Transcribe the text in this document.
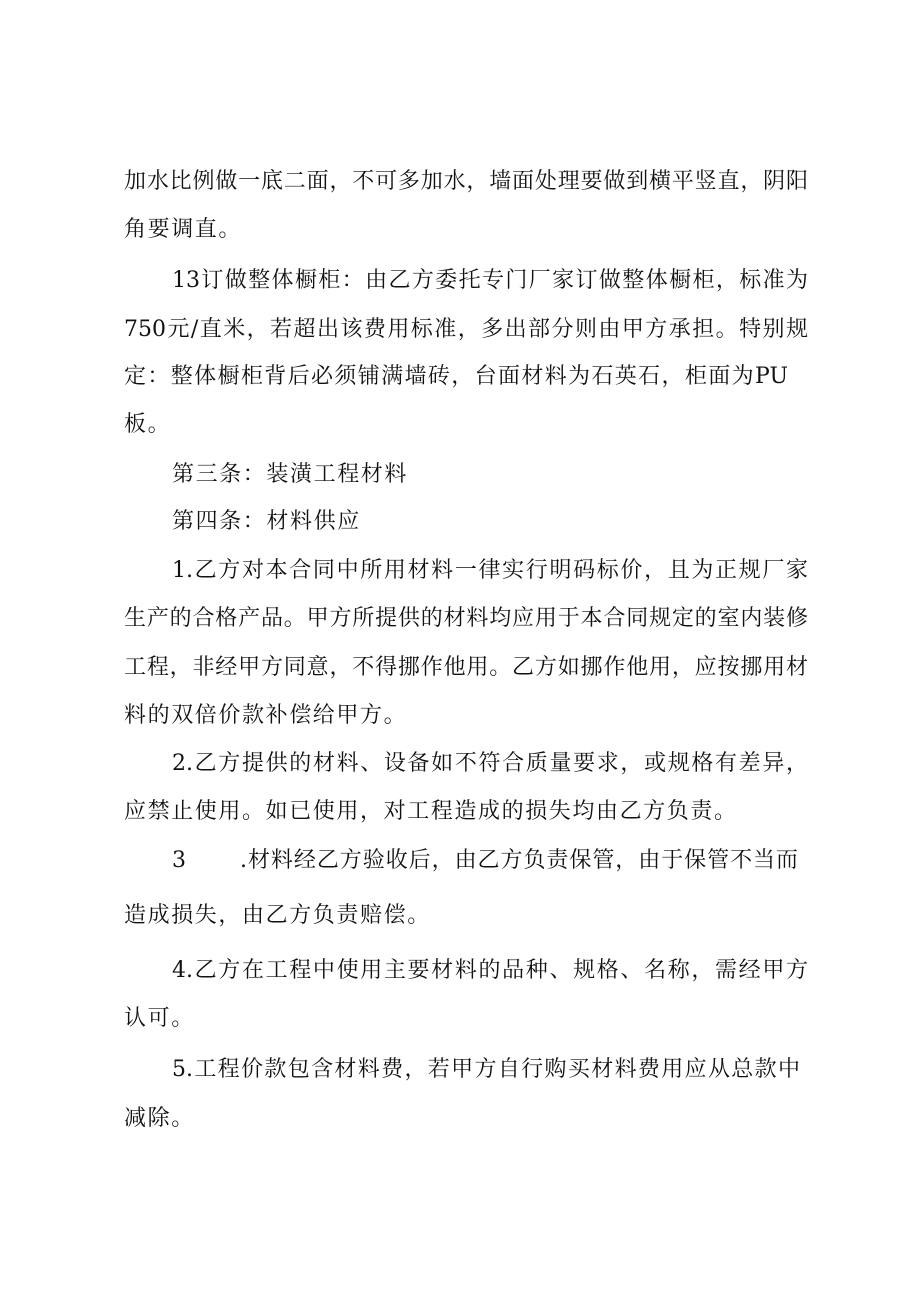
加水比例做一底二面，不可多加水，墙面处理要做到横平竖直，阴阳
角要调直。
13订做整体橱柜：由乙方委托专门厂家订做整体橱柜，标准为
750元/直米，若超出该费用标准，多出部分则由甲方承担。特别规
定：整体橱柜背后必须铺满墙砖，台面材料为石英石，柜面为PU
板。
第三条：装潢工程材料
第四条：材料供应
1.乙方对本合同中所用材料一律实行明码标价，且为正规厂家
生产的合格产品。甲方所提供的材料均应用于本合同规定的室内装修
工程，非经甲方同意，不得挪作他用。乙方如挪作他用，应按挪用材
料的双倍价款补偿给甲方。
2.乙方提供的材料、设备如不符合质量要求，或规格有差异，
应禁止使用。如已使用，对工程造成的损失均由乙方负责。
3 .材料经乙方验收后，由乙方负责保管，由于保管不当而
造成损失，由乙方负责赔偿。
4.乙方在工程中使用主要材料的品种、规格、名称，需经甲方
认可。
5.工程价款包含材料费，若甲方自行购买材料费用应从总款中
减除。
